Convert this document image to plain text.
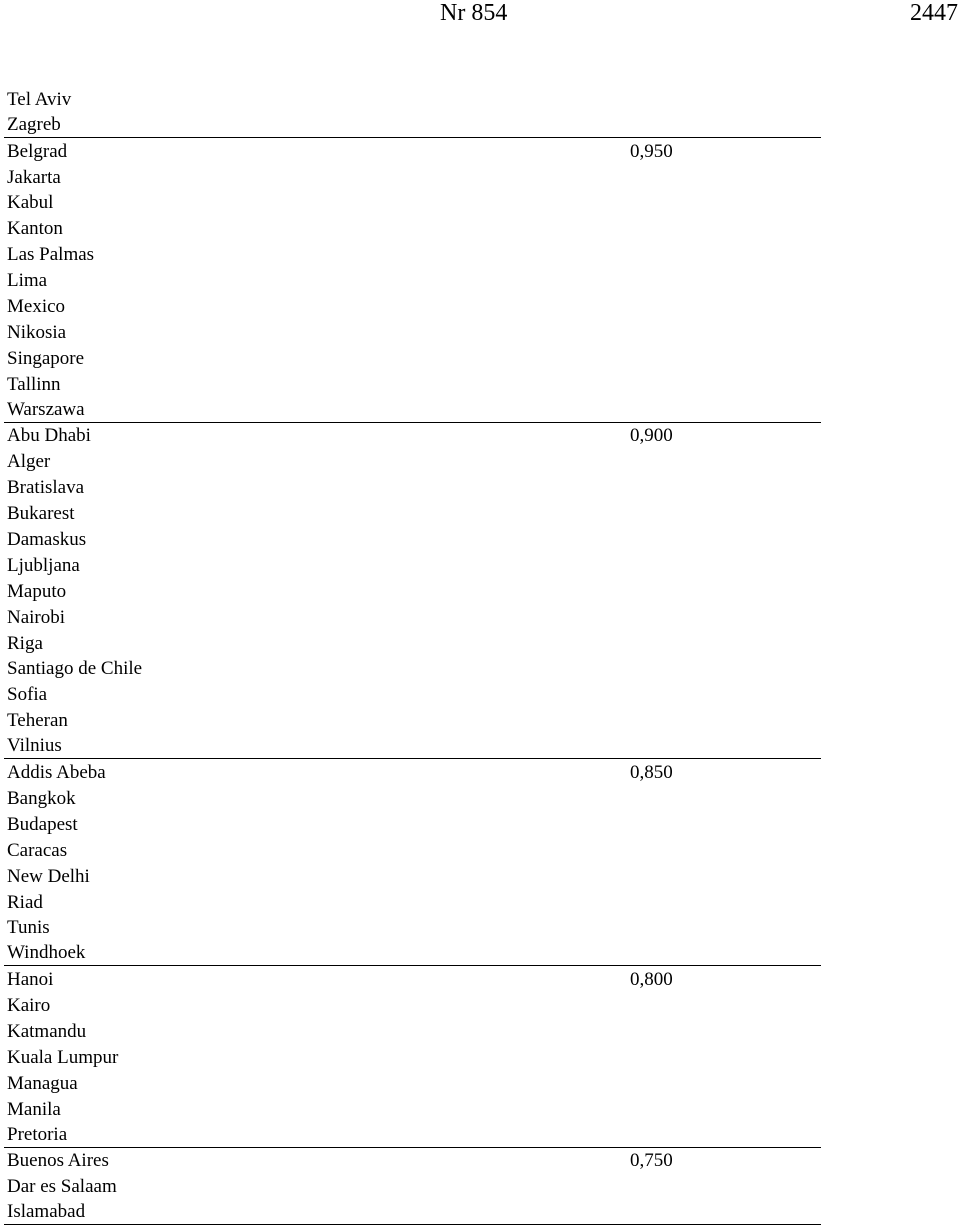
Nr 854	2447
Tel Aviv
Zagreb
Belgrad	0,950
Jakarta
Kabul
Kanton
Las Palmas
Lima
Mexico
Nikosia
Singapore
Tallinn
Warszawa
Abu Dhabi	0,900
Alger
Bratislava
Bukarest
Damaskus
Ljubljana
Maputo
Nairobi
Riga
Santiago de Chile
Sofia
Teheran
Vilnius
Addis Abeba	0,850
Bangkok
Budapest
Caracas
New Delhi
Riad
Tunis
Windhoek
Hanoi	0,800
Kairo
Katmandu
Kuala Lumpur
Managua
Manila
Pretoria
Buenos Aires	0,750
Dar es Salaam
Islamabad
